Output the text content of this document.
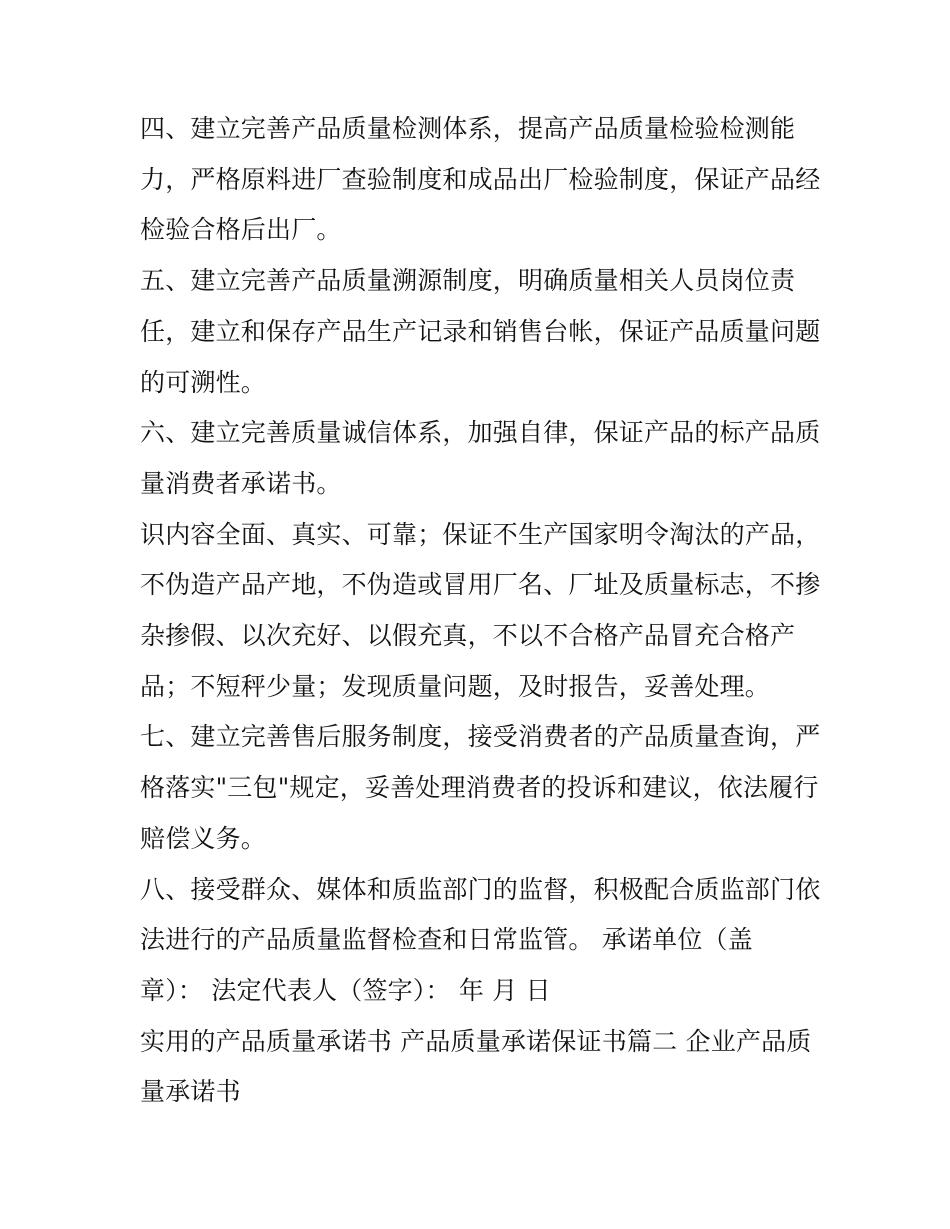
四、建立完善产品质量检测体系，提高产品质量检验检测能
力，严格原料进厂查验制度和成品出厂检验制度，保证产品经
检验合格后出厂。
五、建立完善产品质量溯源制度，明确质量相关人员岗位责
任，建立和保存产品生产记录和销售台帐，保证产品质量问题
的可溯性。
六、建立完善质量诚信体系，加强自律，保证产品的标产品质
量消费者承诺书。
识内容全面、真实、可靠；保证不生产国家明令淘汰的产品，
不伪造产品产地，不伪造或冒用厂名、厂址及质量标志，不掺
杂掺假、以次充好、以假充真，不以不合格产品冒充合格产
品；不短秤少量；发现质量问题，及时报告，妥善处理。
七、建立完善售后服务制度，接受消费者的产品质量查询，严
格落实"三包"规定，妥善处理消费者的投诉和建议，依法履行
赔偿义务。
八、接受群众、媒体和质监部门的监督，积极配合质监部门依
法进行的产品质量监督检查和日常监管。 承诺单位（盖
章）： 法定代表人（签字）： 年 月 日
实用的产品质量承诺书 产品质量承诺保证书篇二 企业产品质
量承诺书
